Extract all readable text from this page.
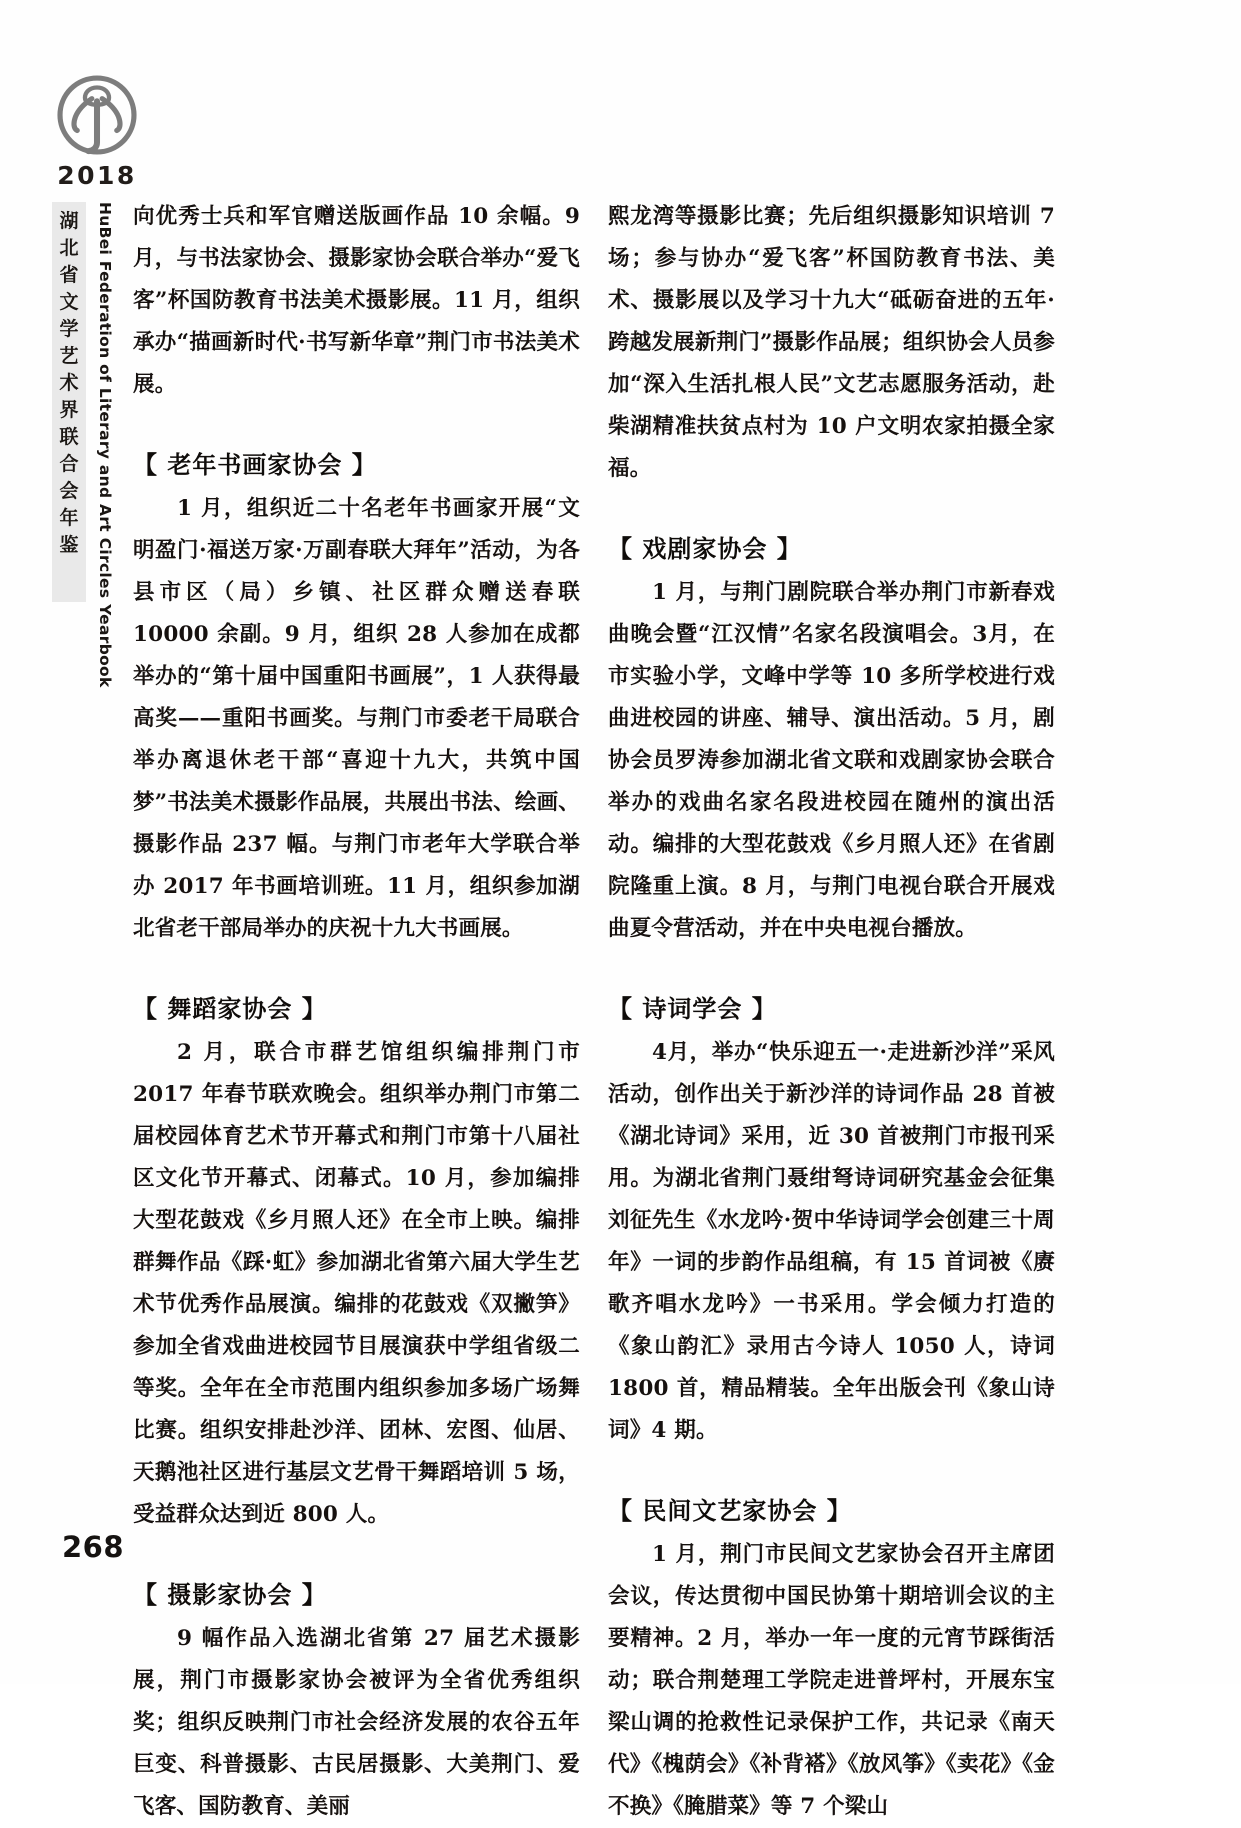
2018
湖
北
省
文
学
艺
术
界
联
合
会
年
鉴 HuBei Federation of Literary and Art Circles Yearbook
268
向优秀士兵和军官赠送版画作品 10 余幅。9 月，与书法家协会、摄影家协会联合举办“爱飞客”杯国防教育书法美术摄影展。11 月，组织承办“描画新时代·书写新华章”荆门市书法美术展。
【 老年书画家协会 】
1 月，组织近二十名老年书画家开展“文明盈门·福送万家·万副春联大拜年”活动，为各县市区（局）乡镇、社区群众赠送春联 10000 余副。9 月，组织 28 人参加在成都举办的“第十届中国重阳书画展”，1 人获得最高奖——重阳书画奖。与荆门市委老干局联合举办离退休老干部“喜迎十九大，共筑中国梦”书法美术摄影作品展，共展出书法、绘画、摄影作品 237 幅。与荆门市老年大学联合举办 2017 年书画培训班。11 月，组织参加湖北省老干部局举办的庆祝十九大书画展。
【 舞蹈家协会 】
2 月，联合市群艺馆组织编排荆门市 2017 年春节联欢晚会。组织举办荆门市第二届校园体育艺术节开幕式和荆门市第十八届社区文化节开幕式、闭幕式。10 月，参加编排大型花鼓戏《乡月照人还》在全市上映。编排群舞作品《踩·虹》参加湖北省第六届大学生艺术节优秀作品展演。编排的花鼓戏《双撇笋》参加全省戏曲进校园节目展演获中学组省级二等奖。全年在全市范围内组织参加多场广场舞比赛。组织安排赴沙洋、团林、宏图、仙居、天鹅池社区进行基层文艺骨干舞蹈培训 5 场，受益群众达到近 800 人。
【 摄影家协会 】
9 幅作品入选湖北省第 27 届艺术摄影展，荆门市摄影家协会被评为全省优秀组织奖；组织反映荆门市社会经济发展的农谷五年巨变、科普摄影、古民居摄影、大美荆门、爱飞客、国防教育、美丽
熙龙湾等摄影比赛；先后组织摄影知识培训 7 场；参与协办“爱飞客”杯国防教育书法、美术、摄影展以及学习十九大“砥砺奋进的五年·跨越发展新荆门”摄影作品展；组织协会人员参加“深入生活扎根人民”文艺志愿服务活动，赴柴湖精准扶贫点村为 10 户文明农家拍摄全家福。
【 戏剧家协会 】
1 月，与荆门剧院联合举办荆门市新春戏曲晚会暨“江汉情”名家名段演唱会。3月，在市实验小学，文峰中学等 10 多所学校进行戏曲进校园的讲座、辅导、演出活动。5 月，剧协会员罗涛参加湖北省文联和戏剧家协会联合举办的戏曲名家名段进校园在随州的演出活动。编排的大型花鼓戏《乡月照人还》在省剧院隆重上演。8 月，与荆门电视台联合开展戏曲夏令营活动，并在中央电视台播放。
【 诗词学会 】
4月，举办“快乐迎五一·走进新沙洋”采风活动，创作出关于新沙洋的诗词作品 28 首被《湖北诗词》采用，近 30 首被荆门市报刊采用。为湖北省荆门聂绀弩诗词研究基金会征集刘征先生《水龙吟·贺中华诗词学会创建三十周年》一词的步韵作品组稿，有 15 首词被《赓歌齐唱水龙吟》一书采用。学会倾力打造的《象山韵汇》录用古今诗人 1050 人，诗词 1800 首，精品精装。全年出版会刊《象山诗词》4 期。
【 民间文艺家协会 】
1 月，荆门市民间文艺家协会召开主席团会议，传达贯彻中国民协第十期培训会议的主要精神。2 月，举办一年一度的元宵节踩街活动；联合荆楚理工学院走进普坪村，开展东宝梁山调的抢救性记录保护工作，共记录《南天代》《槐荫会》《补背褡》《放风筝》《卖花》《金不换》《腌腊菜》等 7 个梁山
